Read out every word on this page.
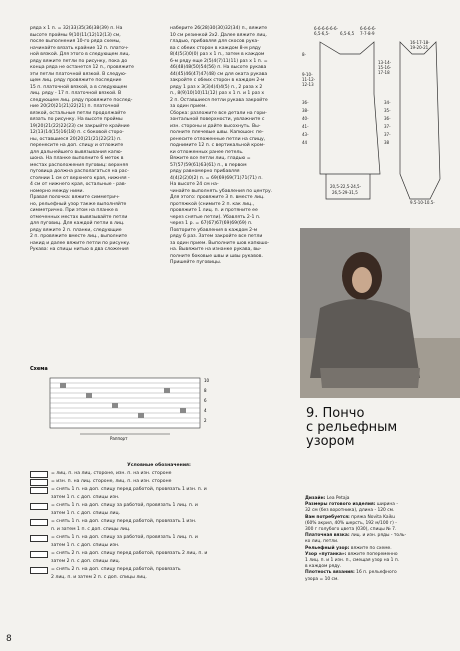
ряда x 1 п. = 32(33)35(36)38(39) п. На

высоте проймы 9(10)11(12)12(13) см,

после выполнения 10-го ряда схемы,

начинайте вязать крайние 12 п. платоч-

ной вязкой. Для этого в следующем лиц.

ряду вяжите петли по рисунку, пока до

конца ряда не останется 12 п., провяжите

эти петли платочной вязкой. В следую-

щем лиц. ряду провяжите последние

15 п. платочной вязкой, а в следующем

лиц. ряду - 17 п. платочной вязкой. В

следующем лиц. ряду провяжите послед-

ние 20(20)21(21)22(21) п. платочной

вязкой, остальные петли продолжайте

вязать по рисунку. На высоте проймы

19(20)21(22)22(23) см закрыйте крайние

12(13)14(15)16(18) п. с боковой сторо-

ны, оставшиеся 20(20)21(21)22(21) п.

перенесите на доп. спицу и отложите

для дальнейшего вывязывания капю-

шона. На планке выполните 6 меток в

местах расположения пуговиц: верхняя

пуговица должна располагаться на рас-

стоянии 1 см от верхнего края, нижняя -

4 см от нижнего края, остальные - рав-

номерно между ними.

Правая полочка: вяжите симметрич-

но, рельефный узор также выполняйте

симметрично. При этом на планке в

отмеченных местах вывязывайте петли

для пуговиц. Для каждой петли в лиц.

ряду вяжите 2 п. планки, следующие

2 п. провяжите вместе лиц., выполните

накид и далее вяжите петли по рисунку.

Рукава: на спицы нитью в два сложения

наберите 26(28)30(30)32(34) п., вяжите

10 см резинкой 2x2. Далее вяжите лиц.

гладью, прибавляя для скосов рука-

ва с обеих сторон в каждом 8-м ряду

8(4)5(3)0(0) раз x 1 п., затем в каждом

6-м ряду еще 2(5)4(7)11(11) раз x 1 п. =

46(48)48(50)54(56) п. На высоте рукава

44(45)46(47)47(48) см для оката рукава

закройте с обеих сторон в каждом 2-м

ряду 1 раз x 3(3)4(4)4(5) п., 2 раза x 2

п., 8(9)10(10)11(12) раз x 1 п. и 1 раз x

2 п. Оставшиеся петли рукава закройте

за один прием.

Сборка: разложите все детали на гори-

зонтальной поверхности, увлажните с

изн. стороны и дайте высохнуть. Вы-

полните плечевые швы. Капюшон: пе-

ренесите отложенные петли на спицу,

поднимите 12 п. с вертикальной кром-

ки отложенных ранее петель.

Вяжите все петли лиц. гладью =

57(57)59(61)63(61) п., в первом

ряду равномерно прибавляя

4(4)2(2)0(2) п. = 69(69)69(71)71(71) п.

На высоте 24 см на-

чинайте выполнять убавления по центру.

Для этого: провяжите 3 п. вместе лиц.

протяжкой (снимите 2 п. как лиц.,

провяжите 1 лиц. п. и протяните ее

через снятые петли). Убавлять 2-1 п.

через 1 р. = 67(67)67(69)69(69) п.

Повторите убавления в каждом 2-м

ряду 6 раз. Затем закройте все петли

за один прием. Выполните шов капюшо-

на. Вывяжите на изнанке рукава, вы-

полните боковые швы и швы рукавов.

Пришейте пуговицы.

6-6-6-6-6-6-
6,5-6,5-	6,5-6,5
6-6-6-6-
7-7-8-9
16-17-18-
19-20-21
8-
9-10-
11-12-
12-13
13-14-
15-16-
17-18
36-
38-
40-
41-
43-
44
34-
35-
36-
37-
37-
38
20,5-22,5-24,5-
26,5-29-31,5
9,5-10-10,5-
9. Пончо
с рельефным
узором

Дизайн: Lea Petaja

Размеры готового изделия: ширина -

32 см (без воротника), длина - 120 см.

Вам потребуется: пряжа Novita Kaiku

(60% акрил, 40% шерсть, 192 м/100 г) -

300 г голубого цвета (030), спицы № 7.

Платочная вязка: лиц. и изн. ряды - толь-

ко лиц. петли.

Рельефный узор: вяжите по схеме.

Узор «путанка»: вяжите попеременно

1 лиц. п. и 1 изн. п., смещая узор на 1 п.

в каждом ряду.

Плотность вязания: 16 п. рельефного

узора = 10 см.

Схема
10
8
6
4
2
Раппорт
Условные обозначения:
= лиц. п. на лиц. стороне, изн. п. на изн. стороне
= изн. п. на лиц. стороне, лиц. п. на изн. стороне
= снять 1 п. на доп. спицу перед работой, провязать 1 изн. п. и
затем 1 п. с доп. спицы изн.
= снять 1 п. на доп. спицу за работой, провязать 1 лиц. п. и
затем 1 п. с доп. спицы лиц.
= снять 1 п. на доп. спицу перед работой, провязать 1 изн.
п. и затем 1 п. с доп. спицы лиц.
= снять 1 п. на доп. спицу за работой, провязать 1 лиц. п. и
затем 1 п. с доп. спицы изн.
= снять 2 п. на доп. спицу перед работой, провязать 2 лиц. п. и
затем 2 п. с доп. спицы лиц.
= снять 2 п. на доп. спицу перед работой, провязать
2 лиц. п. и затем 2 п. с доп. спицы лиц.
8
